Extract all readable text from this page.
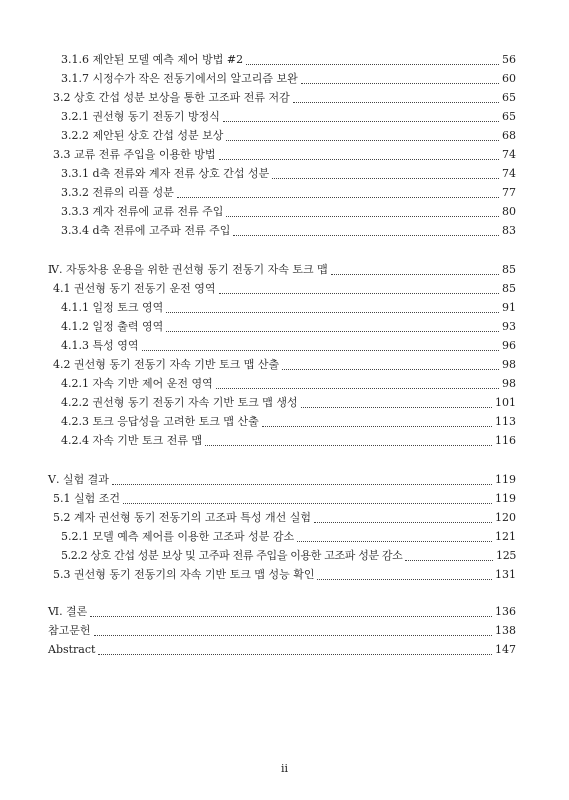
3.1.6 제안된 모델 예측 제어 방법 #2	56
3.1.7 시정수가 작은 전동기에서의 알고리즘 보완	60
3.2 상호 간섭 성분 보상을 통한 고조파 전류 저감	65
3.2.1 권선형 동기 전동기 방정식	65
3.2.2 제안된 상호 간섭 성분 보상	68
3.3 교류 전류 주입을 이용한 방법	74
3.3.1 d축 전류와 계자 전류 상호 간섭 성분	74
3.3.2 전류의 리플 성분	77
3.3.3 계자 전류에 교류 전류 주입	80
3.3.4 d축 전류에 고주파 전류 주입	83
Ⅳ. 자동차용 운용을 위한 권선형 동기 전동기 자속 토크 맵	85
4.1 권선형 동기 전동기 운전 영역	85
4.1.1 일정 토크 영역	91
4.1.2 일정 출력 영역	93
4.1.3 특성 영역	96
4.2 권선형 동기 전동기 자속 기반 토크 맵 산출	98
4.2.1 자속 기반 제어 운전 영역	98
4.2.2 권선형 동기 전동기 자속 기반 토크 맵 생성	101
4.2.3 토크 응답성을 고려한 토크 맵 산출	113
4.2.4 자속 기반 토크 전류 맵	116
Ⅴ. 실험 결과	119
5.1 실험 조건	119
5.2 계자 권선형 동기 전동기의 고조파 특성 개선 실험	120
5.2.1 모델 예측 제어를 이용한 고조파 성분 감소	121
5.2.2 상호 간섭 성분 보상 및 고주파 전류 주입을 이용한 고조파 성분 감소	125
5.3 권선형 동기 전동기의 자속 기반 토크 맵 성능 확인	131
Ⅵ. 결론	136
참고문헌	138
Abstract	147
ii
